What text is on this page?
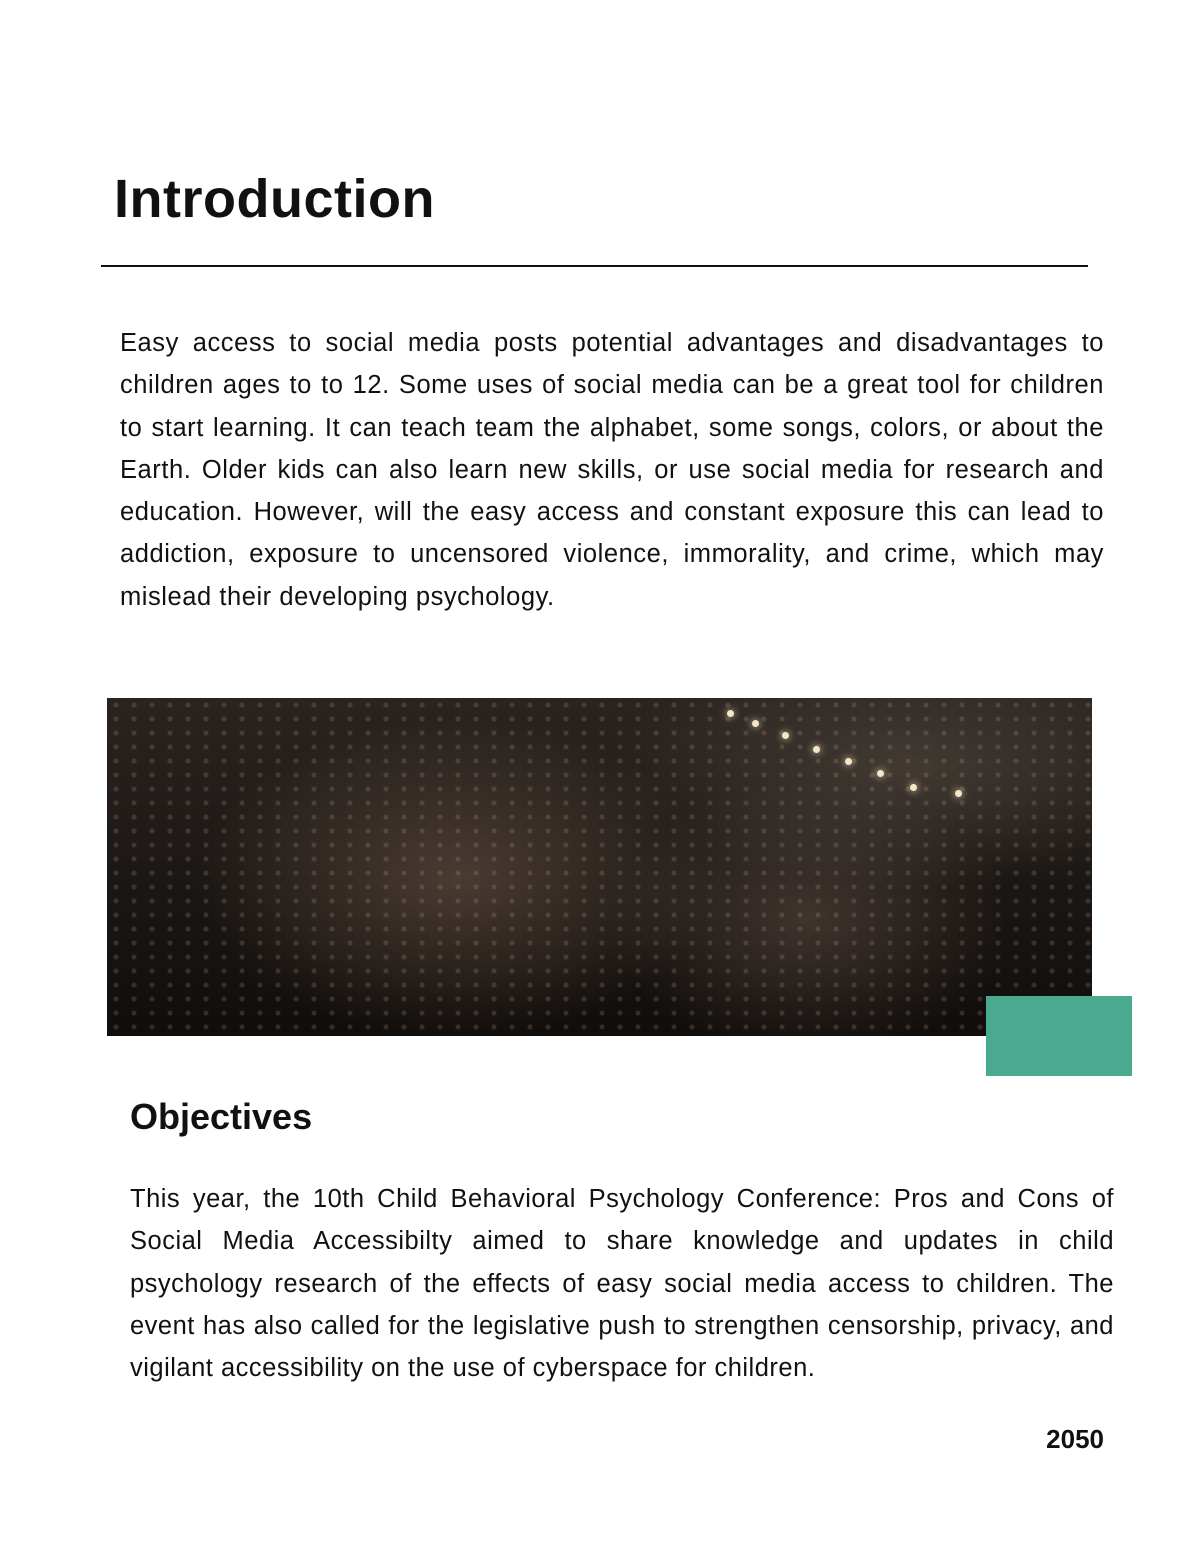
Introduction

Easy access to social media posts potential advantages and disadvantages to children ages to to 12. Some uses of social media can be a great tool for children to start learning. It can teach team the alphabet, some songs, colors, or about the Earth. Older kids can also learn new skills, or use social media for research and education. However, will the easy access and constant exposure this can lead to addiction, exposure to uncensored violence, immorality, and crime, which may mislead their developing psychology.

Objectives

This year, the 10th Child Behavioral Psychology Conference: Pros and Cons of Social Media Accessibilty aimed to share knowledge and updates in child psychology research of the effects of easy social media access to children. The event has also called for the legislative push to strengthen censorship, privacy, and vigilant accessibility on the use of cyberspace for children.

2050
